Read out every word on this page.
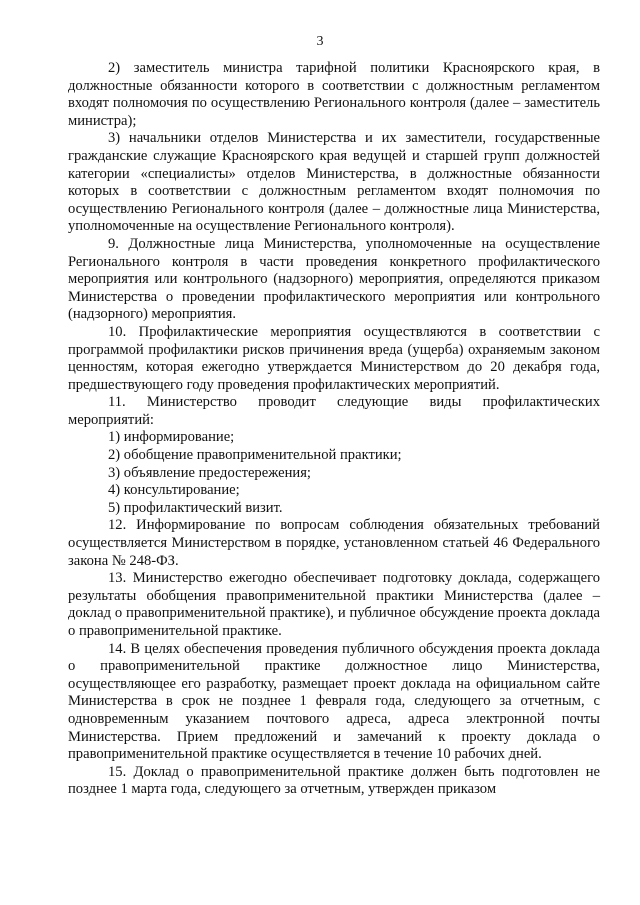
3

2) заместитель министра тарифной политики Красноярского края, в должностные обязанности которого в соответствии с должностным регламентом входят полномочия по осуществлению Регионального контроля (далее – заместитель министра);

3) начальники отделов Министерства и их заместители, государственные гражданские служащие Красноярского края ведущей и старшей групп должностей категории «специалисты» отделов Министерства, в должностные обязанности которых в соответствии с должностным регламентом входят полномочия по осуществлению Регионального контроля (далее – должностные лица Министерства, уполномоченные на осуществление Регионального контроля).

9. Должностные лица Министерства, уполномоченные на осуществление Регионального контроля в части проведения конкретного профилактического мероприятия или контрольного (надзорного) мероприятия, определяются приказом Министерства о проведении профилактического мероприятия или контрольного (надзорного) мероприятия.

10. Профилактические мероприятия осуществляются в соответствии с программой профилактики рисков причинения вреда (ущерба) охраняемым законом ценностям, которая ежегодно утверждается Министерством до 20 декабря года, предшествующего году проведения профилактических мероприятий.

11. Министерство проводит следующие виды профилактических мероприятий:

1) информирование;

2) обобщение правоприменительной практики;

3) объявление предостережения;

4) консультирование;

5) профилактический визит.

12. Информирование по вопросам соблюдения обязательных требований осуществляется Министерством в порядке, установленном статьей 46 Федерального закона № 248-ФЗ.

13. Министерство ежегодно обеспечивает подготовку доклада, содержащего результаты обобщения правоприменительной практики Министерства (далее – доклад о правоприменительной практике), и публичное обсуждение проекта доклада о правоприменительной практике.

14. В целях обеспечения проведения публичного обсуждения проекта доклада о правоприменительной практике должностное лицо Министерства, осуществляющее его разработку, размещает проект доклада на официальном сайте Министерства в срок не позднее 1 февраля года, следующего за отчетным, с одновременным указанием почтового адреса, адреса электронной почты Министерства. Прием предложений и замечаний к проекту доклада о правоприменительной практике осуществляется в течение 10 рабочих дней.

15. Доклад о правоприменительной практике должен быть подготовлен не позднее 1 марта года, следующего за отчетным, утвержден приказом
